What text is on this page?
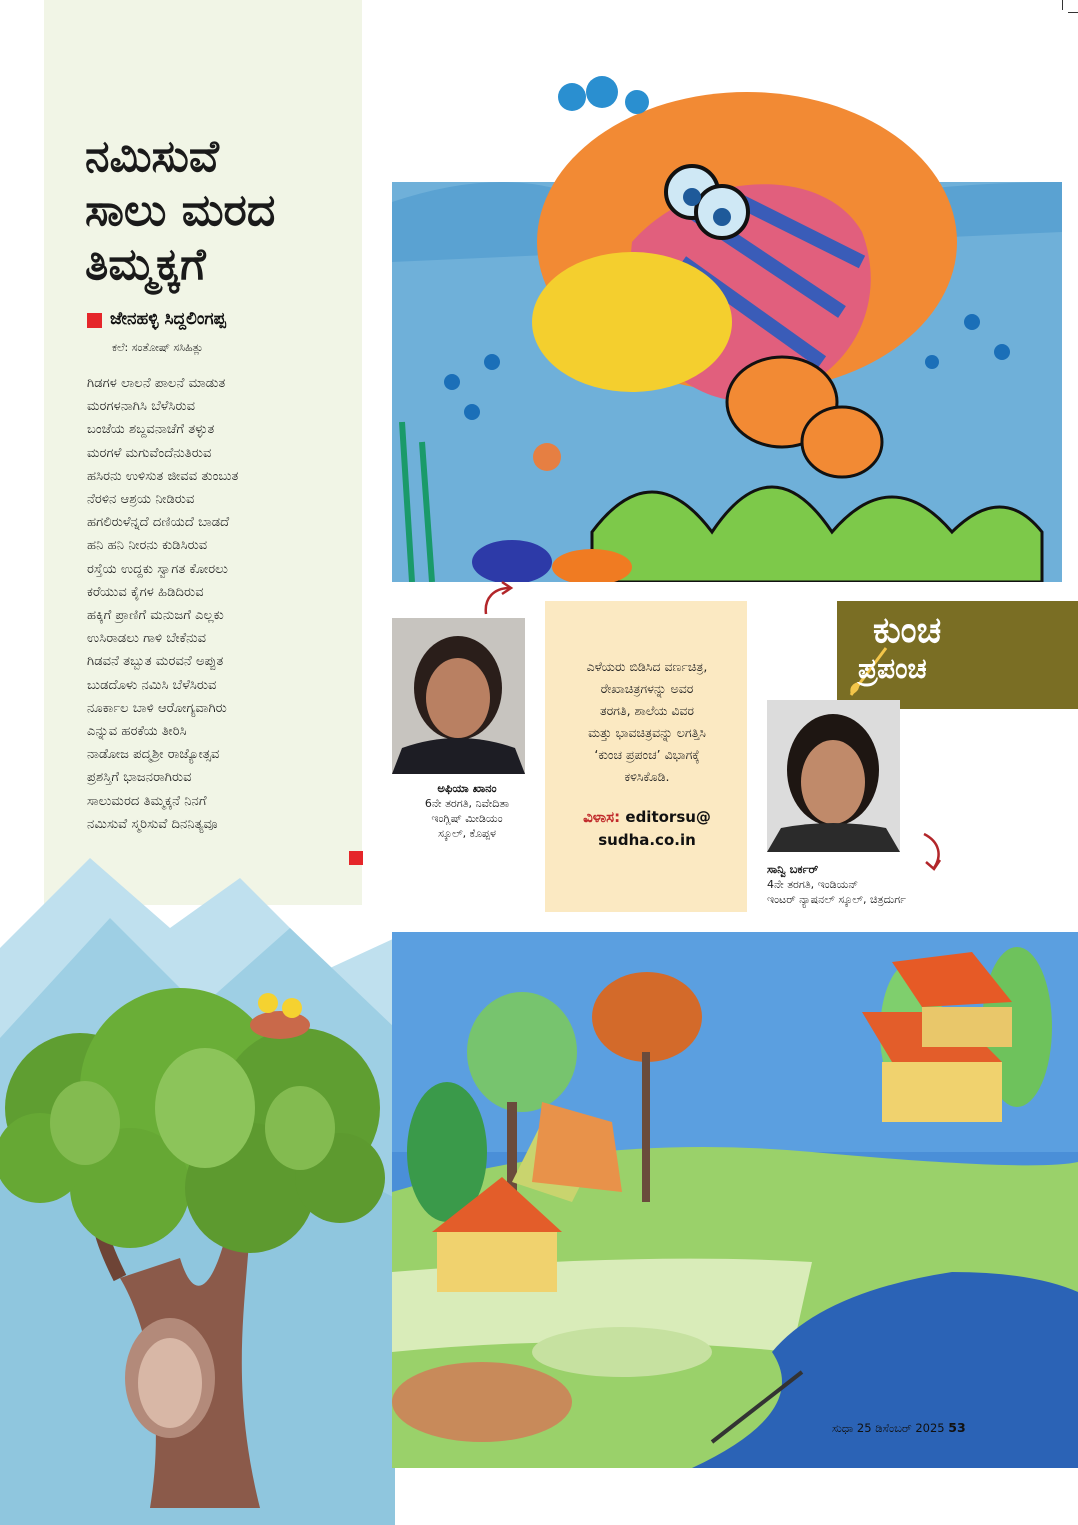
ನಮಿಸುವೆ
ಸಾಲು ಮರದ
ತಿಮ್ಮಕ್ಕಗೆ
ಜೇನಹಳ್ಳಿ ಸಿದ್ದಲಿಂಗಪ್ಪ
ಕಲೆ: ಸಂತೋಷ್ ಸಸಿಹಿತ್ಲು
ಗಿಡಗಳ ಲಾಲನೆ ಪಾಲನೆ ಮಾಡುತ
ಮರಗಳನಾಗಿಸಿ ಬೆಳೆಸಿರುವ
ಬಂಜೆಯ ಶಬ್ದವನಾಚೆಗೆ ತಳ್ಳುತ
ಮರಗಳೆ ಮಗುವೆಂದೆನುತಿರುವ
ಹಸಿರನು ಉಳಿಸುತ ಜೀವವ ತುಂಬುತ
ನೆರಳಿನ ಆಶ್ರಯ ನೀಡಿರುವ
ಹಗಲಿರುಳೆನ್ನದೆ ದಣಿಯದೆ ಬಾಡದೆ
ಹನಿ ಹನಿ ನೀರನು ಕುಡಿಸಿರುವ
ರಸ್ತೆಯ ಉದ್ದಕು ಸ್ವಾಗತ ಕೋರಲು
ಕರೆಯುವ ಕೈಗಳ ಹಿಡಿದಿರುವ
ಹಕ್ಕಿಗೆ ಪ್ರಾಣಿಗೆ ಮನುಜಗೆ ಎಲ್ಲಕು
ಉಸಿರಾಡಲು ಗಾಳಿ ಬೇಕೆನುವ
ಗಿಡವನೆ ತಬ್ಬುತ ಮರವನೆ ಅಪ್ಪುತ
ಬುಡದೊಳು ನಮಿಸಿ ಬೆಳೆಸಿರುವ
ನೂರ್ಕಾಲ ಬಾಳಿ ಆರೋಗ್ಯವಾಗಿರು
ಎನ್ನುವ ಹರಕೆಯ ತೀರಿಸಿ
ನಾಡೋಜ ಪದ್ಮಶ್ರೀ ರಾಜ್ಯೋತ್ಸವ
ಪ್ರಶಸ್ತಿಗೆ ಭಾಜನರಾಗಿರುವ
ಸಾಲುಮರದ ತಿಮ್ಮಕ್ಕನೆ ನಿನಗೆ
ನಮಿಸುವೆ ಸ್ಮರಿಸುವೆ ದಿನನಿತ್ಯವೂ
ಅಫಿಯಾ ಖಾನಂ
6ನೇ ತರಗತಿ, ನಿವೇದಿತಾ
ಇಂಗ್ಲಿಷ್ ಮೀಡಿಯಂ
ಸ್ಕೂಲ್, ಕೊಪ್ಪಳ
ಎಳೆಯರು ಬಿಡಿಸಿದ ವರ್ಣಚಿತ್ರ,
ರೇಖಾಚಿತ್ರಗಳನ್ನು ಅವರ
ತರಗತಿ, ಶಾಲೆಯ ವಿವರ
ಮತ್ತು ಭಾವಚಿತ್ರವನ್ನು ಲಗತ್ತಿಸಿ
‘ಕುಂಚ ಪ್ರಪಂಚ’ ವಿಭಾಗಕ್ಕೆ
ಕಳಿಸಿಕೊಡಿ.
ವಿಳಾಸ: editorsu@
sudha.co.in
ಕುಂಚ
ಪ್ರಪಂಚ
ಸಾನ್ವಿ ಬರ್ಕರ್
4ನೇ ತರಗತಿ, ಇಂಡಿಯನ್
ಇಂಟರ್ ನ್ಯಾಷನಲ್ ಸ್ಕೂಲ್, ಚಿತ್ರದುರ್ಗ
ಸುಧಾ 25 ಡಿಸೆಂಬರ್ 2025 53
